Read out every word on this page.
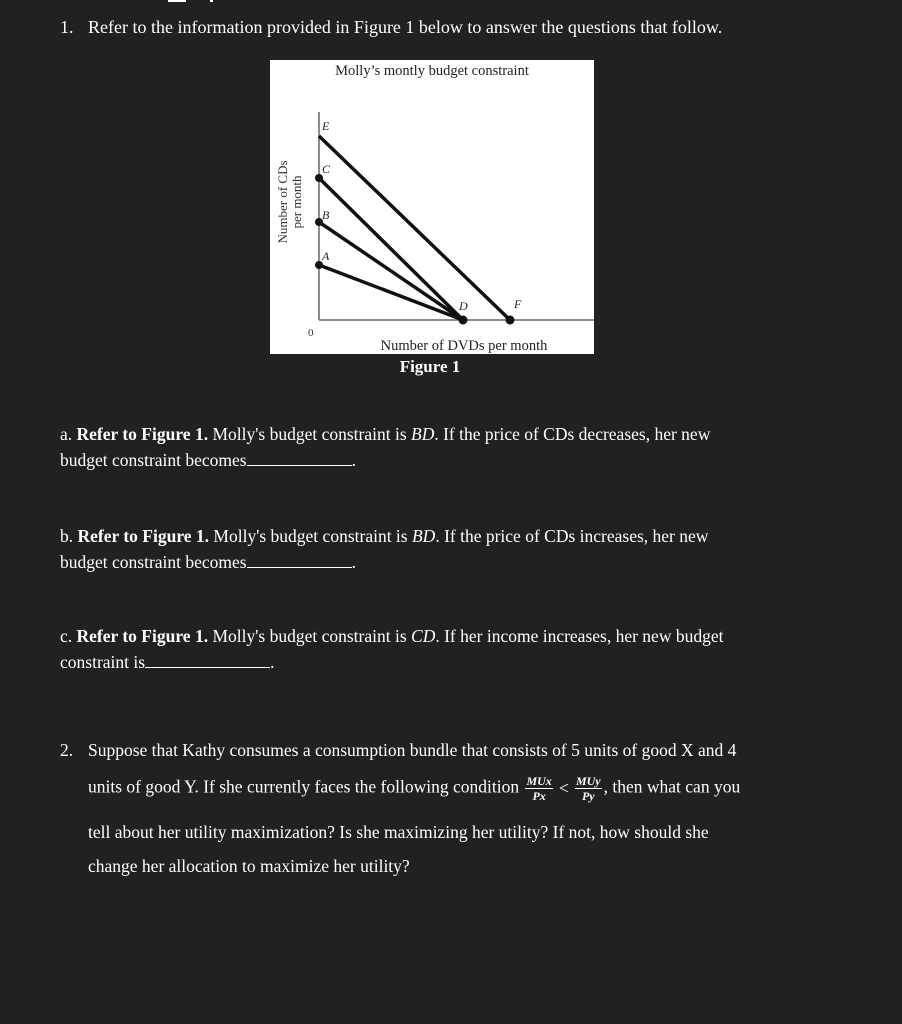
1. Refer to the information provided in Figure 1 below to answer the questions that follow.
Molly’s montly budget constraint
Number of CDs per month
0
Number of DVDs per month
E
C
B
A
D	F
Figure 1
a. Refer to Figure 1. Molly's budget constraint is BD. If the price of CDs decreases, her new
budget constraint becomes	.
b. Refer to Figure 1. Molly's budget constraint is BD. If the price of CDs increases, her new
budget constraint becomes	.
c. Refer to Figure 1. Molly's budget constraint is CD. If her income increases, her new budget
constraint is	.
2. Suppose that Kathy consumes a consumption bundle that consists of 5 units of good X and 4
units of good Y. If she currently faces the following condition $\frac{\text{MUx}}{Px} < \frac{\text{MUy}}{Py}$ , then what can you
tell about her utility maximization? Is she maximizing her utility? If not, how should she
change her allocation to maximize her utility?
